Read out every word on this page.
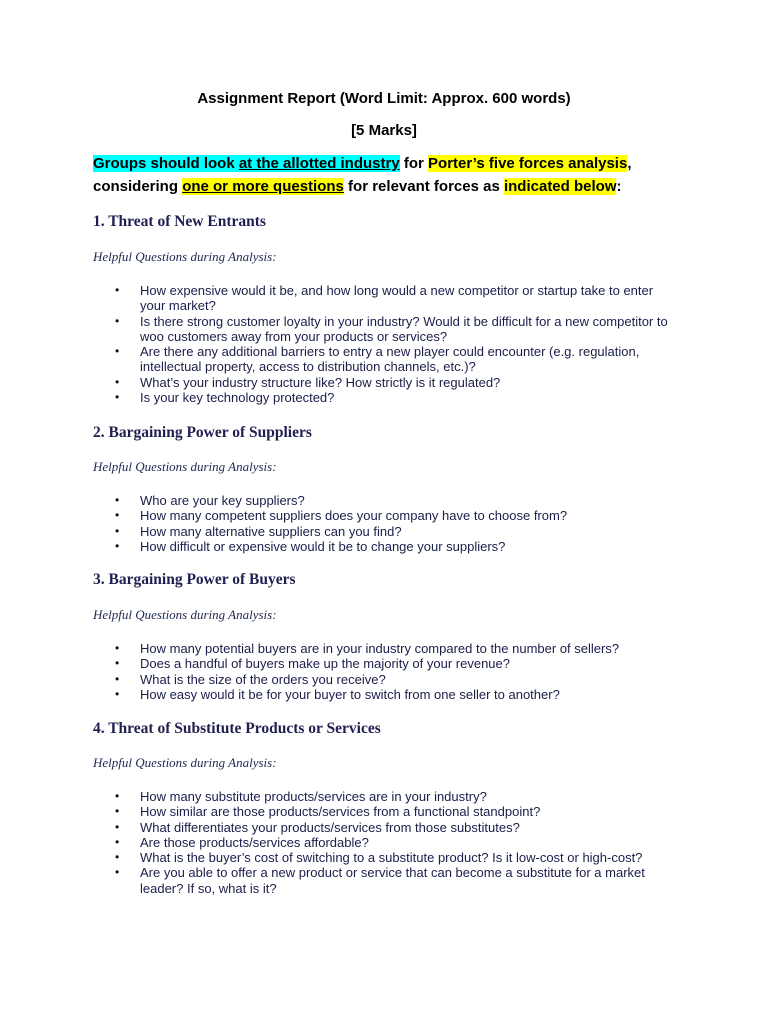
Assignment Report (Word Limit: Approx. 600 words)
[5 Marks]
Groups should look at the allotted industry for Porter’s five forces analysis,
considering one or more questions for relevant forces as indicated below:
1. Threat of New Entrants
Helpful Questions during Analysis:
• How expensive would it be, and how long would a new competitor or startup take to enter your market?
• Is there strong customer loyalty in your industry? Would it be difficult for a new competitor to woo customers away from your products or services?
• Are there any additional barriers to entry a new player could encounter (e.g. regulation, intellectual property, access to distribution channels, etc.)?
• What’s your industry structure like? How strictly is it regulated?
• Is your key technology protected?
2. Bargaining Power of Suppliers
Helpful Questions during Analysis:
• Who are your key suppliers?
• How many competent suppliers does your company have to choose from?
• How many alternative suppliers can you find?
• How difficult or expensive would it be to change your suppliers?
3. Bargaining Power of Buyers
Helpful Questions during Analysis:
• How many potential buyers are in your industry compared to the number of sellers?
• Does a handful of buyers make up the majority of your revenue?
• What is the size of the orders you receive?
• How easy would it be for your buyer to switch from one seller to another?
4. Threat of Substitute Products or Services
Helpful Questions during Analysis:
• How many substitute products/services are in your industry?
• How similar are those products/services from a functional standpoint?
• What differentiates your products/services from those substitutes?
• Are those products/services affordable?
• What is the buyer’s cost of switching to a substitute product? Is it low-cost or high-cost?
• Are you able to offer a new product or service that can become a substitute for a market leader? If so, what is it?
